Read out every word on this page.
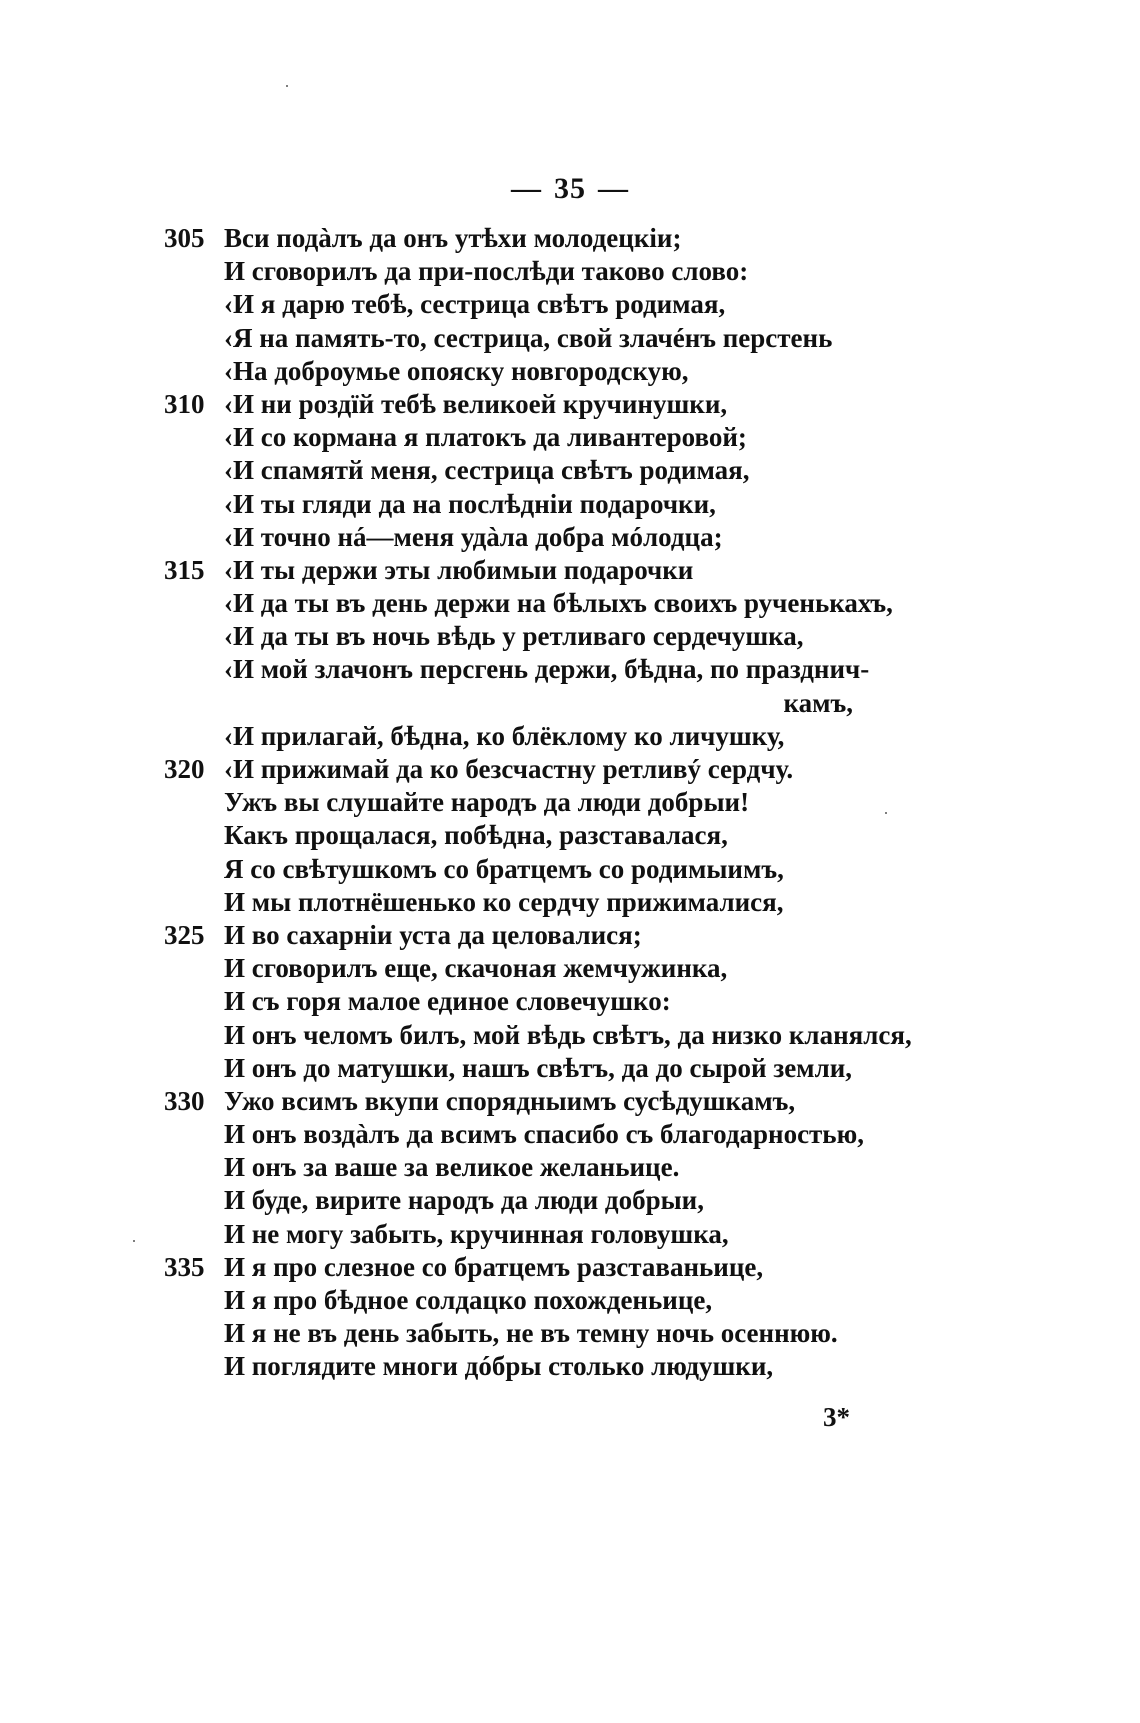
— 35 —
305 Вси подàлъ да онъ утѣхи молодецкіи;
И сговорилъ да при-послѣди таково слово:
‹И я дарю тебѣ, сестрица свѣтъ родимая,
‹Я на память-то, сестрица, свой злачéнъ перстень
‹На доброумье опояску новгородскую,
310 ‹И ни роздїй тебѣ великоей кручинушки,
‹И со кормана я платокъ да ливантеровой;
‹И спамятй меня, сестрица свѣтъ родимая,
‹И ты гляди да на послѣдніи подарочки,
‹И точно нá—меня удàла добра мóлодца;
315 ‹И ты держи эты любимыи подарочки
‹И да ты въ день держи на бѣлыхъ своихъ рученькахъ,
‹И да ты въ ночь вѣдь у ретливаго сердечушка,
‹И мой злачонъ персгень держи, бѣдна, по празднич-
камъ,
‹И прилагай, бѣдна, ко блёклому ко личушку,
320 ‹И прижимай да ко безсчастну ретливý сердчу.
Ужъ вы слушайте народъ да люди добрыи!
Какъ прощалася, побѣдна, разставалася,
Я со свѣтушкомъ со братцемъ со родимыимъ,
И мы плотнёшенько ко сердчу прижималися,
325 И во сахарніи уста да целовалися;
И сговорилъ еще, скачоная жемчужинка,
И съ горя малое единое словечушко:
И онъ челомъ билъ, мой вѣдь свѣтъ, да низко кланялся,
И онъ до матушки, нашъ свѣтъ, да до сырой земли,
330 Ужо всимъ вкупи спорядныимъ сусѣдушкамъ,
И онъ воздàлъ да всимъ спасибо съ благодарностью,
И онъ за ваше за великое желаньице.
И буде, вирите народъ да люди добрыи,
И не могу забыть, кручинная головушка,
335 И я про слезное со братцемъ разставаньице,
И я про бѣдное солдацко похожденьице,
И я не въ день забыть, не въ темну ночь осеннюю.
И поглядите многи дóбры столько людушки,
3*
